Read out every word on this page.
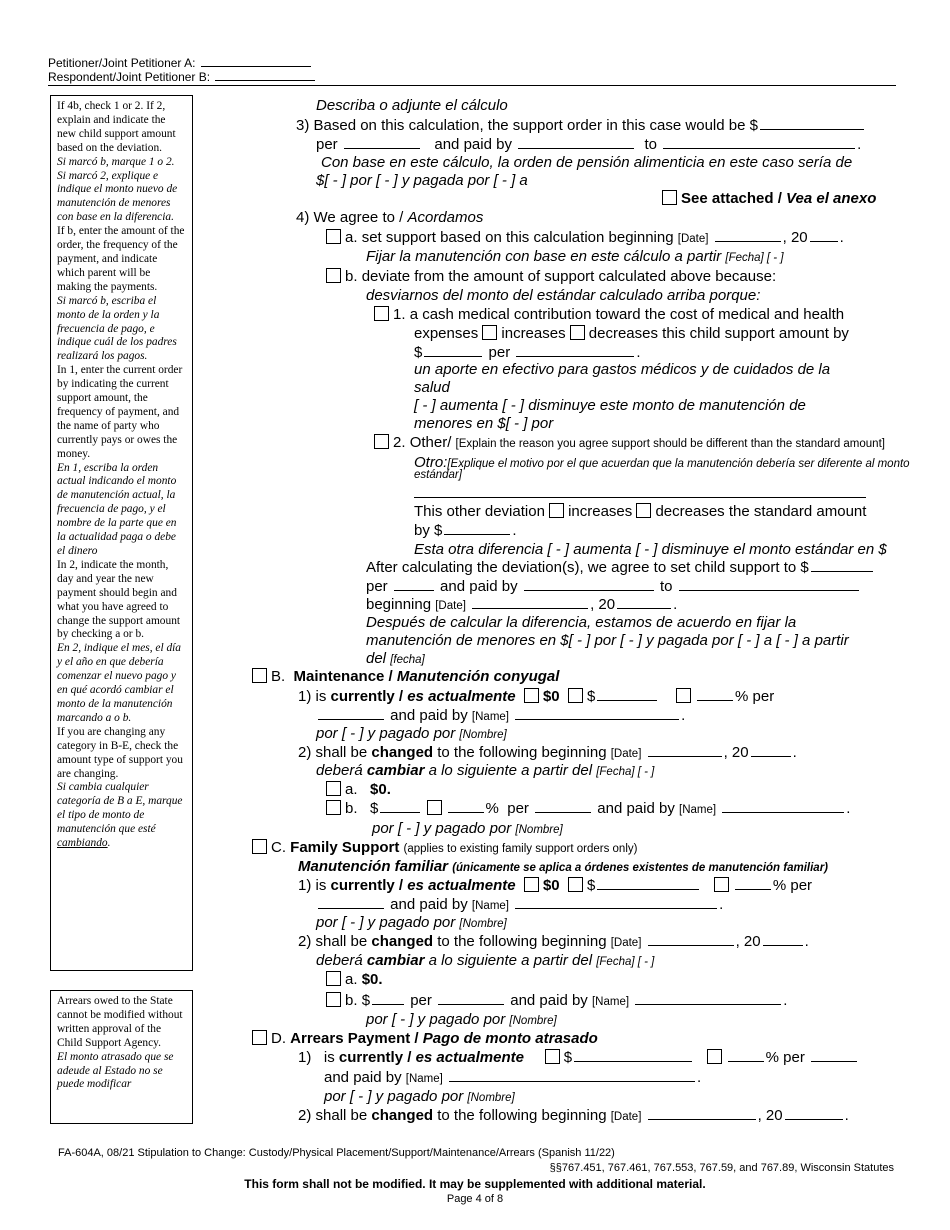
Petitioner/Joint Petitioner A:
Respondent/Joint Petitioner B:
If 4b, check 1 or 2. If 2, explain and indicate the new child support amount based on the deviation.
Si marcó b, marque 1 o 2. Si marcó 2, explique e indique el monto nuevo de manutención de menores con base en la diferencia.
If b, enter the amount of the order, the frequency of the payment, and indicate which parent will be making the payments.
Si marcó b, escriba el monto de la orden y la frecuencia de pago, e indique cuál de los padres realizará los pagos.
In 1, enter the current order by indicating the current support amount, the frequency of payment, and the name of party who currently pays or owes the money.
En 1, escriba la orden actual indicando el monto de manutención actual, la frecuencia de pago, y el nombre de la parte que en la actualidad paga o debe el dinero
In 2, indicate the month, day and year the new payment should begin and what you have agreed to change the support amount by checking a or b.
En 2, indique el mes, el día y el año en que debería comenzar el nuevo pago y en qué acordó cambiar el monto de la manutención marcando a o b.
If you are changing any category in B-E, check the amount type of support you are changing.
Si cambia cualquier categoría de B a E, marque el tipo de monto de manutención que esté cambiando.
Arrears owed to the State cannot be modified without written approval of the Child Support Agency.
El monto atrasado que se adeude al Estado no se puede modificar
Describa o adjunte el cálculo
3) Based on this calculation, the support order in this case would be $
per	and paid by	to	.
Con base en este cálculo, la orden de pensión alimenticia en este caso sería de
$[ - ] por [ - ] y pagada por [ - ] a
See attached / Vea el anexo
4) We agree to / Acordamos
a. set support based on this calculation beginning [Date]	, 20 .
Fijar la manutención con base en este cálculo a partir [Fecha] [ - ]
b. deviate from the amount of support calculated above because:
desviarnos del monto del estándar calculado arriba porque:
1. a cash medical contribution toward the cost of medical and health
expenses increases decreases this child support amount by
$	per	.
un aporte en efectivo para gastos médicos y de cuidados de la
salud
[ - ] aumenta [ - ] disminuye este monto de manutención de
menores en $[ - ] por
2. Other/ [Explain the reason you agree support should be different than the standard amount]
Otro:[Explique el motivo por el que acuerdan que la manutención debería ser diferente al monto
estándar]
This other deviation increases decreases the standard amount
by $	.
Esta otra diferencia [ - ] aumenta [ - ] disminuye el monto estándar en $
After calculating the deviation(s), we agree to set child support to $
per	and paid by	to
beginning [Date]	, 20	.
Después de calcular la diferencia, estamos de acuerdo en fijar la
manutención de menores en $[ - ] por [ - ] y pagada por [ - ] a [ - ] a partir
del [fecha]
B. Maintenance / Manutención conyugal
1) is currently / es actualmente $0 $	% per
and paid by [Name]	.
por [ - ] y pagado por [Nombre]
2) shall be changed to the following beginning [Date]	, 20	.
deberá cambiar a lo siguiente a partir del [Fecha] [ - ]
a. $0.
b. $	%  per	and paid by [Name]	.
por [ - ] y pagado por [Nombre]
C. Family Support (applies to existing family support orders only)
Manutención familiar (únicamente se aplica a órdenes existentes de manutención familiar)
1) is currently / es actualmente $0 $	% per
and paid by [Name]	.
por [ - ] y pagado por [Nombre]
2) shall be changed to the following beginning [Date]	, 20	.
deberá cambiar a lo siguiente a partir del [Fecha] [ - ]
a. $0.
b. $	per	and paid by [Name]	.
por [ - ] y pagado por [Nombre]
D. Arrears Payment / Pago de monto atrasado
1) is currently / es actualmente	$	% per
and paid by [Name]	.
por [ - ] y pagado por [Nombre]
2) shall be changed to the following beginning [Date]	, 20	.
FA-604A, 08/21 Stipulation to Change: Custody/Physical Placement/Support/Maintenance/Arrears (Spanish 11/22)
§§767.451, 767.461, 767.553, 767.59, and 767.89, Wisconsin Statutes
This form shall not be modified. It may be supplemented with additional material.
Page 4 of 8
